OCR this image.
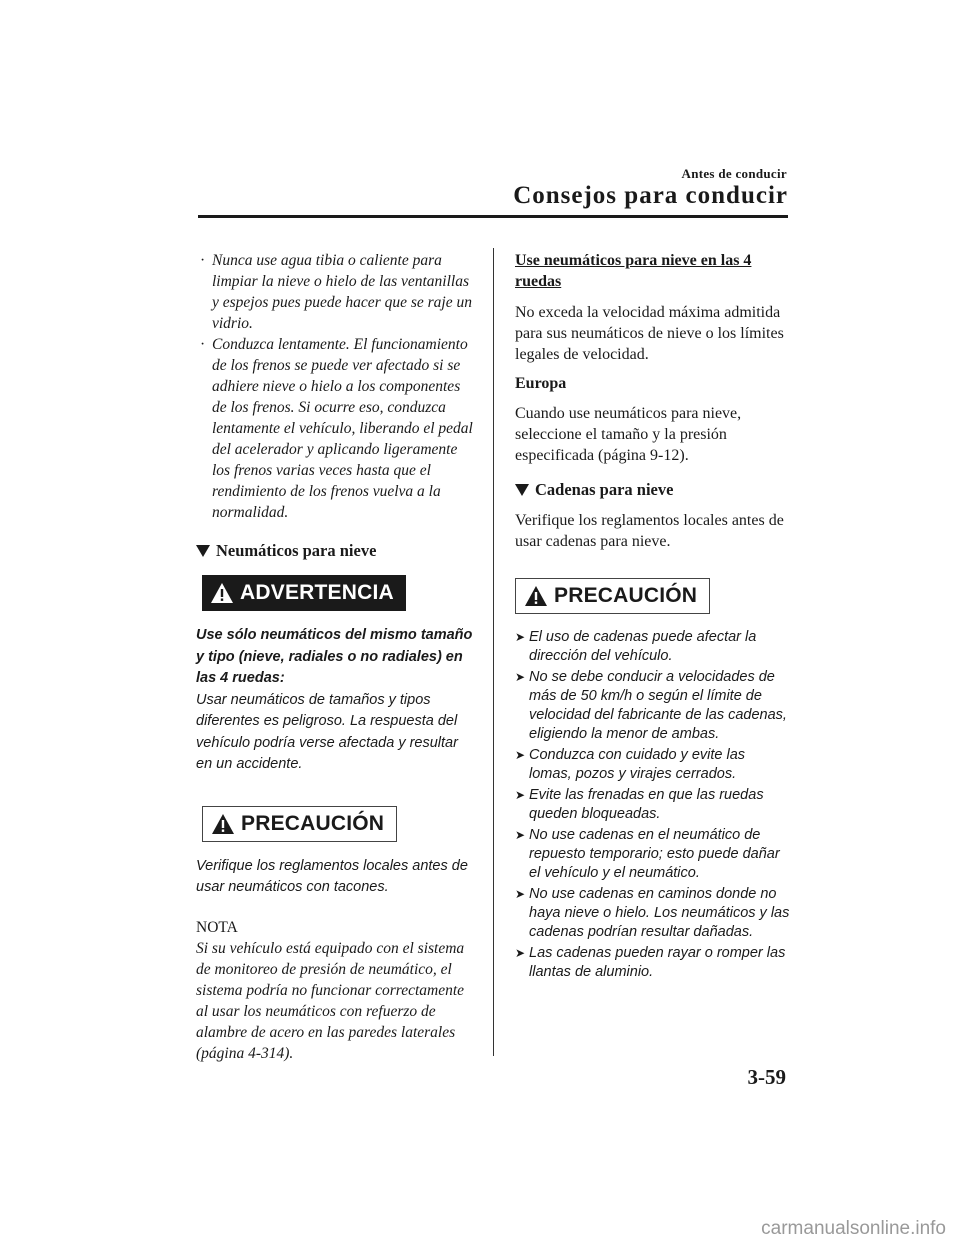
Antes de conducir
Consejos para conducir
· Nunca use agua tibia o caliente para limpiar la nieve o hielo de las ventanillas y espejos pues puede hacer que se raje un vidrio.
· Conduzca lentamente. El funcionamiento de los frenos se puede ver afectado si se adhiere nieve o hielo a los componentes de los frenos. Si ocurre eso, conduzca lentamente el vehículo, liberando el pedal del acelerador y aplicando ligeramente los frenos varias veces hasta que el rendimiento de los frenos vuelva a la normalidad.
Neumáticos para nieve
ADVERTENCIA
Use sólo neumáticos del mismo tamaño y tipo (nieve, radiales o no radiales) en las 4 ruedas:
Usar neumáticos de tamaños y tipos diferentes es peligroso. La respuesta del vehículo podría verse afectada y resultar en un accidente.
PRECAUCIÓN
Verifique los reglamentos locales antes de usar neumáticos con tacones.
NOTA
Si su vehículo está equipado con el sistema de monitoreo de presión de neumático, el sistema podría no funcionar correctamente al usar los neumáticos con refuerzo de alambre de acero en las paredes laterales (página 4-314).
Use neumáticos para nieve en las 4 ruedas
No exceda la velocidad máxima admitida para sus neumáticos de nieve o los límites legales de velocidad.
Europa
Cuando use neumáticos para nieve, seleccione el tamaño y la presión especificada (página 9-12).
Cadenas para nieve
Verifique los reglamentos locales antes de usar cadenas para nieve.
PRECAUCIÓN
➤ El uso de cadenas puede afectar la dirección del vehículo.
➤ No se debe conducir a velocidades de más de 50 km/h o según el límite de velocidad del fabricante de las cadenas, eligiendo la menor de ambas.
➤ Conduzca con cuidado y evite las lomas, pozos y virajes cerrados.
➤ Evite las frenadas en que las ruedas queden bloqueadas.
➤ No use cadenas en el neumático de repuesto temporario; esto puede dañar el vehículo y el neumático.
➤ No use cadenas en caminos donde no haya nieve o hielo. Los neumáticos y las cadenas podrían resultar dañadas.
➤ Las cadenas pueden rayar o romper las llantas de aluminio.
3-59
carmanualsonline.info
